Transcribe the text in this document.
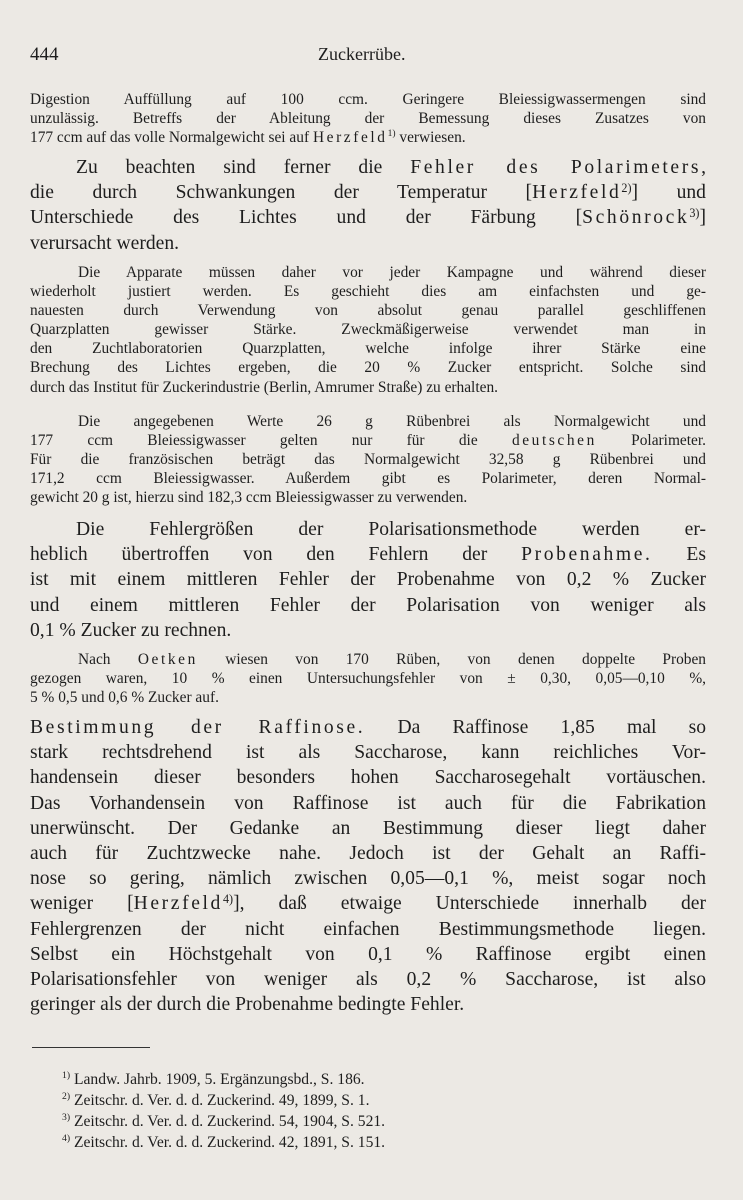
444	Zuckerrübe.
Digestion Auffüllung auf 100 ccm. Geringere Bleiessigwassermengen sind
unzulässig. Betreffs der Ableitung der Bemessung dieses Zusatzes von
177 ccm auf das volle Normalgewicht sei auf Herzfeld$^{1)}$ verwiesen.
Zu beachten sind ferner die Fehler des Polarimeters,
die durch Schwankungen der Temperatur [Herzfeld$^{2)}$] und
Unterschiede des Lichtes und der Färbung [Schönrock$^{3)}$]
verursacht werden.
Die Apparate müssen daher vor jeder Kampagne und während dieser
wiederholt justiert werden. Es geschieht dies am einfachsten und ge-
nauesten durch Verwendung von absolut genau parallel geschliffenen
Quarzplatten gewisser Stärke. Zweckmäßigerweise verwendet man in
den Zuchtlaboratorien Quarzplatten, welche infolge ihrer Stärke eine
Brechung des Lichtes ergeben, die 20 % Zucker entspricht. Solche sind
durch das Institut für Zuckerindustrie (Berlin, Amrumer Straße) zu erhalten.
Die angegebenen Werte 26 g Rübenbrei als Normalgewicht und
177 ccm Bleiessigwasser gelten nur für die deutschen Polarimeter.
Für die französischen beträgt das Normalgewicht 32,58 g Rübenbrei und
171,2 ccm Bleiessigwasser. Außerdem gibt es Polarimeter, deren Normal-
gewicht 20 g ist, hierzu sind 182,3 ccm Bleiessigwasser zu verwenden.
Die Fehlergrößen der Polarisationsmethode werden er-
heblich übertroffen von den Fehlern der Probenahme. Es
ist mit einem mittleren Fehler der Probenahme von 0,2 % Zucker
und einem mittleren Fehler der Polarisation von weniger als
0,1 % Zucker zu rechnen.
Nach Oetken wiesen von 170 Rüben, von denen doppelte Proben
gezogen waren, 10 % einen Untersuchungsfehler von ± 0,30, 0,05—0,10 %,
5 % 0,5 und 0,6 % Zucker auf.
Bestimmung der Raffinose. Da Raffinose 1,85 mal so
stark rechtsdrehend ist als Saccharose, kann reichliches Vor-
handensein dieser besonders hohen Saccharosegehalt vortäuschen.
Das Vorhandensein von Raffinose ist auch für die Fabrikation
unerwünscht. Der Gedanke an Bestimmung dieser liegt daher
auch für Zuchtzwecke nahe. Jedoch ist der Gehalt an Raffi-
nose so gering, nämlich zwischen 0,05—0,1 %, meist sogar noch
weniger [Herzfeld$^{4)}$], daß etwaige Unterschiede innerhalb der
Fehlergrenzen der nicht einfachen Bestimmungsmethode liegen.
Selbst ein Höchstgehalt von 0,1 % Raffinose ergibt einen
Polarisationsfehler von weniger als 0,2 % Saccharose, ist also
geringer als der durch die Probenahme bedingte Fehler.
$^{1)}$ Landw. Jahrb. 1909, 5. Ergänzungsbd., S. 186.
$^{2)}$ Zeitschr. d. Ver. d. d. Zuckerind. 49, 1899, S. 1.
$^{3)}$ Zeitschr. d. Ver. d. d. Zuckerind. 54, 1904, S. 521.
$^{4)}$ Zeitschr. d. Ver. d. d. Zuckerind. 42, 1891, S. 151.
